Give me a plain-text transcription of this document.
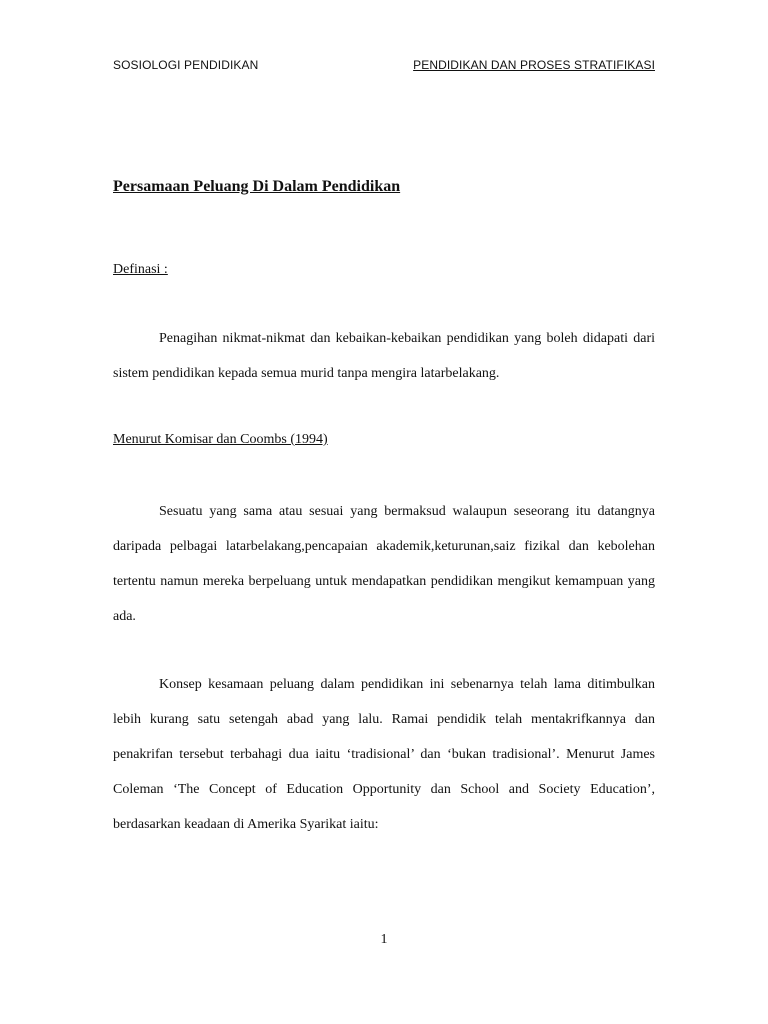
SOSIOLOGI PENDIDIKAN	PENDIDIKAN DAN PROSES STRATIFIKASI
Persamaan Peluang Di Dalam Pendidikan
Definasi :

Penagihan nikmat-nikmat dan kebaikan-kebaikan pendidikan yang boleh didapati dari sistem pendidikan kepada semua murid tanpa mengira latarbelakang.

Menurut Komisar dan Coombs (1994)

Sesuatu yang sama atau sesuai yang bermaksud walaupun seseorang itu datangnya daripada pelbagai latarbelakang,pencapaian akademik,keturunan,saiz fizikal dan kebolehan tertentu namun mereka berpeluang untuk mendapatkan pendidikan mengikut kemampuan yang ada.

Konsep kesamaan peluang dalam pendidikan ini sebenarnya telah lama ditimbulkan lebih kurang satu setengah abad yang lalu. Ramai pendidik telah mentakrifkannya dan penakrifan tersebut terbahagi dua iaitu ‘tradisional’ dan ‘bukan tradisional’. Menurut James Coleman ‘The Concept of Education Opportunity dan School and Society Education’, berdasarkan keadaan di Amerika Syarikat iaitu:

1
